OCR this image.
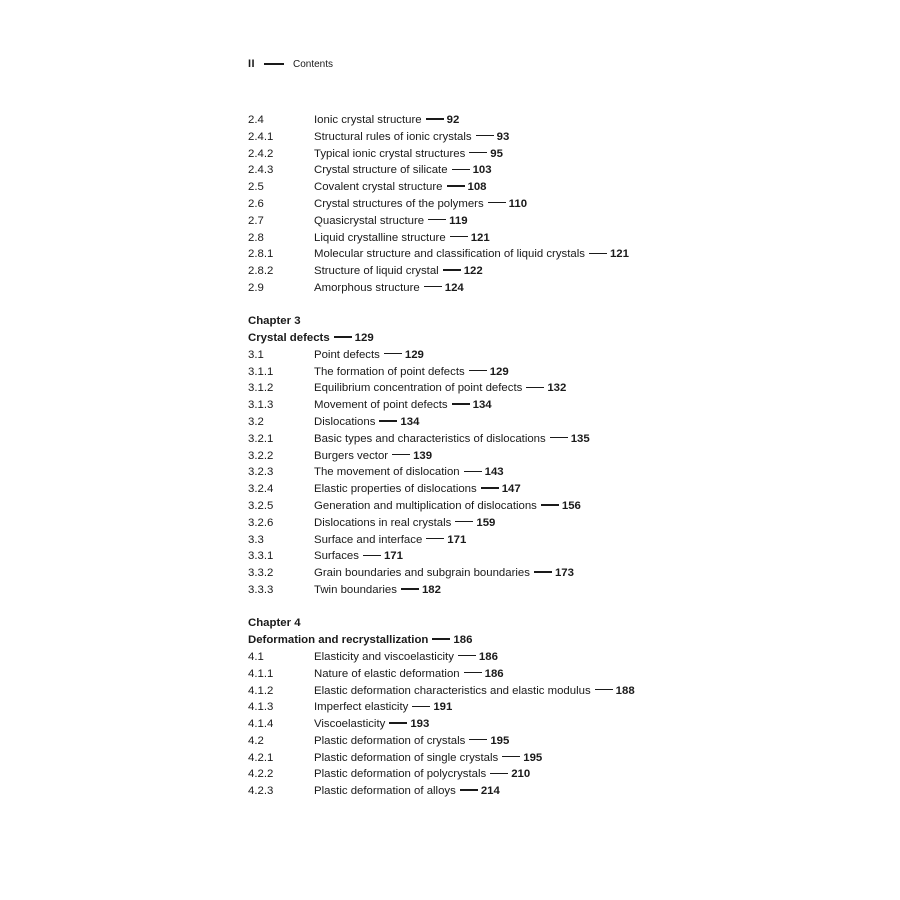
II	Contents
2.4	Ionic crystal structure 92
2.4.1	Structural rules of ionic crystals 93
2.4.2	Typical ionic crystal structures 95
2.4.3	Crystal structure of silicate 103
2.5	Covalent crystal structure 108
2.6	Crystal structures of the polymers 110
2.7	Quasicrystal structure 119
2.8	Liquid crystalline structure 121
2.8.1	Molecular structure and classification of liquid crystals 121
2.8.2	Structure of liquid crystal 122
2.9	Amorphous structure 124
Chapter 3
Crystal defects 129
3.1	Point defects 129
3.1.1	The formation of point defects 129
3.1.2	Equilibrium concentration of point defects 132
3.1.3	Movement of point defects 134
3.2	Dislocations 134
3.2.1	Basic types and characteristics of dislocations 135
3.2.2	Burgers vector 139
3.2.3	The movement of dislocation 143
3.2.4	Elastic properties of dislocations 147
3.2.5	Generation and multiplication of dislocations 156
3.2.6	Dislocations in real crystals 159
3.3	Surface and interface 171
3.3.1	Surfaces 171
3.3.2	Grain boundaries and subgrain boundaries 173
3.3.3	Twin boundaries 182
Chapter 4
Deformation and recrystallization 186
4.1	Elasticity and viscoelasticity 186
4.1.1	Nature of elastic deformation 186
4.1.2	Elastic deformation characteristics and elastic modulus 188
4.1.3	Imperfect elasticity 191
4.1.4	Viscoelasticity 193
4.2	Plastic deformation of crystals 195
4.2.1	Plastic deformation of single crystals 195
4.2.2	Plastic deformation of polycrystals 210
4.2.3	Plastic deformation of alloys 214
